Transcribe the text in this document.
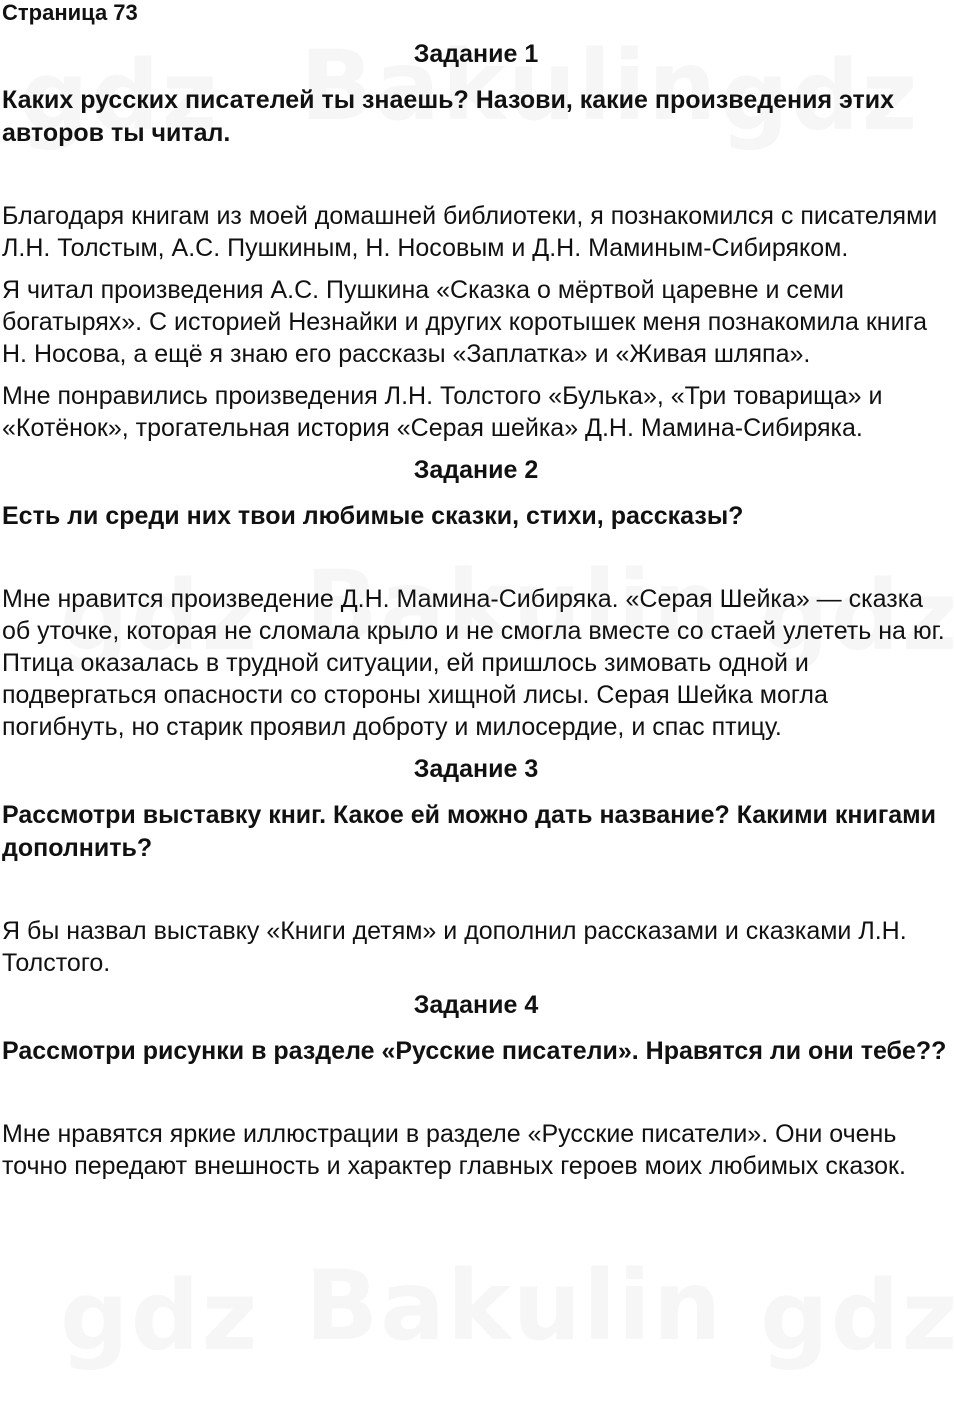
Страница 73
Задание 1
Каких русских писателей ты знаешь? Назови, какие произведения этих авторов ты читал.

Благодаря книгам из моей домашней библиотеки, я познакомился с писателями Л.Н. Толстым, А.С. Пушкиным, Н. Носовым и Д.Н. Маминым-Сибиряком.

Я читал произведения А.С. Пушкина «Сказка о мёртвой царевне и семи богатырях». С историей Незнайки и других коротышек меня познакомила книга Н. Носова, а ещё я знаю его рассказы «Заплатка» и «Живая шляпа».

Мне понравились произведения Л.Н. Толстого «Булька», «Три товарища» и «Котёнок», трогательная история «Серая шейка» Д.Н. Мамина-Сибиряка.

Задание 2
Есть ли среди них твои любимые сказки, стихи, рассказы?

Мне нравится произведение Д.Н. Мамина-Сибиряка. «Серая Шейка» — сказка об уточке, которая не сломала крыло и не смогла вместе со стаей улететь на юг. Птица оказалась в трудной ситуации, ей пришлось зимовать одной и подвергаться опасности со стороны хищной лисы. Серая Шейка могла погибнуть, но старик проявил доброту и милосердие, и спас птицу.

Задание 3
Рассмотри выставку книг. Какое ей можно дать название? Какими книгами дополнить?

Я бы назвал выставку «Книги детям» и дополнил рассказами и сказками Л.Н. Толстого.

Задание 4
Рассмотри рисунки в разделе «Русские писатели». Нравятся ли они тебе??

Мне нравятся яркие иллюстрации в разделе «Русские писатели». Они очень точно передают внешность и характер главных героев моих любимых сказок.
